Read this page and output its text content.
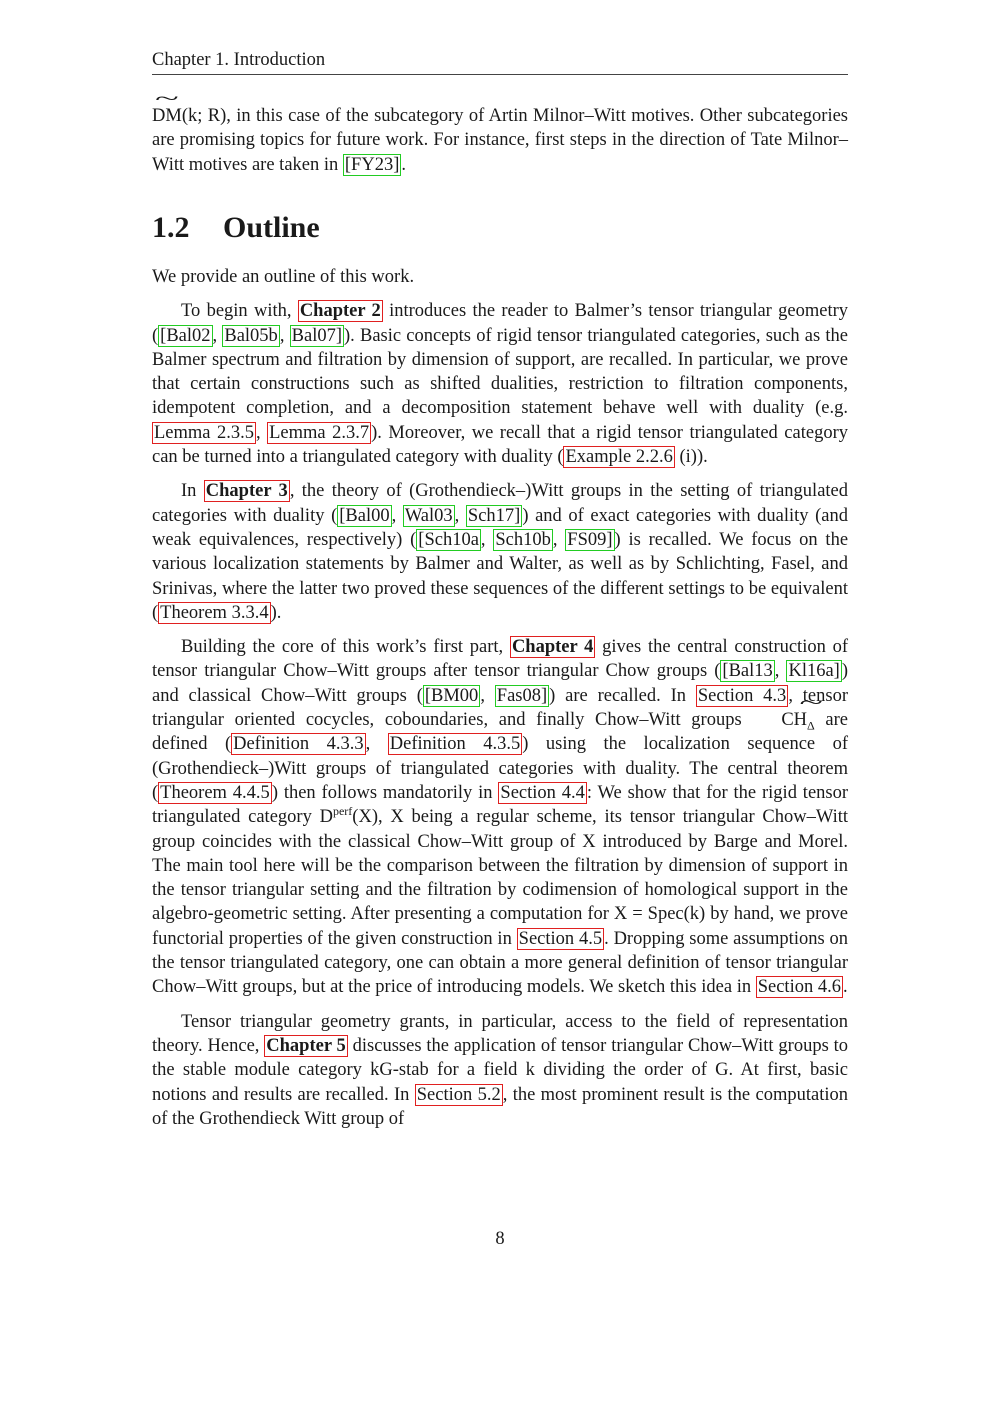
Chapter 1. Introduction
~ DM(k; R), in this case of the subcategory of Artin Milnor–Witt motives. Other subcategories are promising topics for future work. For instance, first steps in the direction of Tate Milnor–Witt motives are taken in [FY23] .
1.2 Outline

We provide an outline of this work.

To begin with, Chapter 2 introduces the reader to Balmer’s tensor triangular geometry ( [Bal02 , Bal05b , Bal07] ). Basic concepts of rigid tensor triangulated categories, such as the Balmer spectrum and filtration by dimension of support, are recalled. In particular, we prove that certain constructions such as shifted dualities, restriction to filtration components, idempotent completion, and a decomposition statement behave well with duality (e.g. Lemma 2.3.5 , Lemma 2.3.7 ). Moreover, we recall that a rigid tensor triangulated category can be turned into a triangulated category with duality ( Example 2.2.6 (i)).

In Chapter 3 , the theory of (Grothendieck–)Witt groups in the setting of triangulated categories with duality ( [Bal00 , Wal03 , Sch17] ) and of exact categories with duality (and weak equivalences, respectively) ( [Sch10a , Sch10b , FS09] ) is recalled. We focus on the various localization statements by Balmer and Walter, as well as by Schlichting, Fasel, and Srinivas, where the latter two proved these sequences of the different settings to be equivalent ( Theorem 3.3.4 ).

Building the core of this work’s first part, Chapter 4 gives the central construction of tensor triangular Chow–Witt groups after tensor triangular Chow groups ( [Bal13 , Kl16a] ) and classical Chow–Witt groups ( [BM00 , Fas08] ) are recalled. In Section 4.3 , tensor triangular oriented cocycles, coboundaries, and finally Chow–Witt groups ~ $CH_\Delta$ are defined ( Definition 4.3.3 , Definition 4.3.5 ) using the localization sequence of (Grothendieck–)Witt groups of triangulated categories with duality. The central theorem ( Theorem 4.4.5 ) then follows mandatorily in Section 4.4 : We show that for the rigid tensor triangulated category $D^{perf}(X)$, X being a regular scheme, its tensor triangular Chow–Witt group coincides with the classical Chow–Witt group of X introduced by Barge and Morel. The main tool here will be the comparison between the filtration by dimension of support in the tensor triangular setting and the filtration by codimension of homological support in the algebro-geometric setting. After presenting a computation for X = Spec(k) by hand, we prove functorial properties of the given construction in Section 4.5 . Dropping some assumptions on the tensor triangulated category, one can obtain a more general definition of tensor triangular Chow–Witt groups, but at the price of introducing models. We sketch this idea in Section 4.6 .

Tensor triangular geometry grants, in particular, access to the field of representation theory. Hence, Chapter 5 discusses the application of tensor triangular Chow–Witt groups to the stable module category kG-stab for a field k dividing the order of G. At first, basic notions and results are recalled. In Section 5.2 , the most prominent result is the computation of the Grothendieck Witt group of

8
